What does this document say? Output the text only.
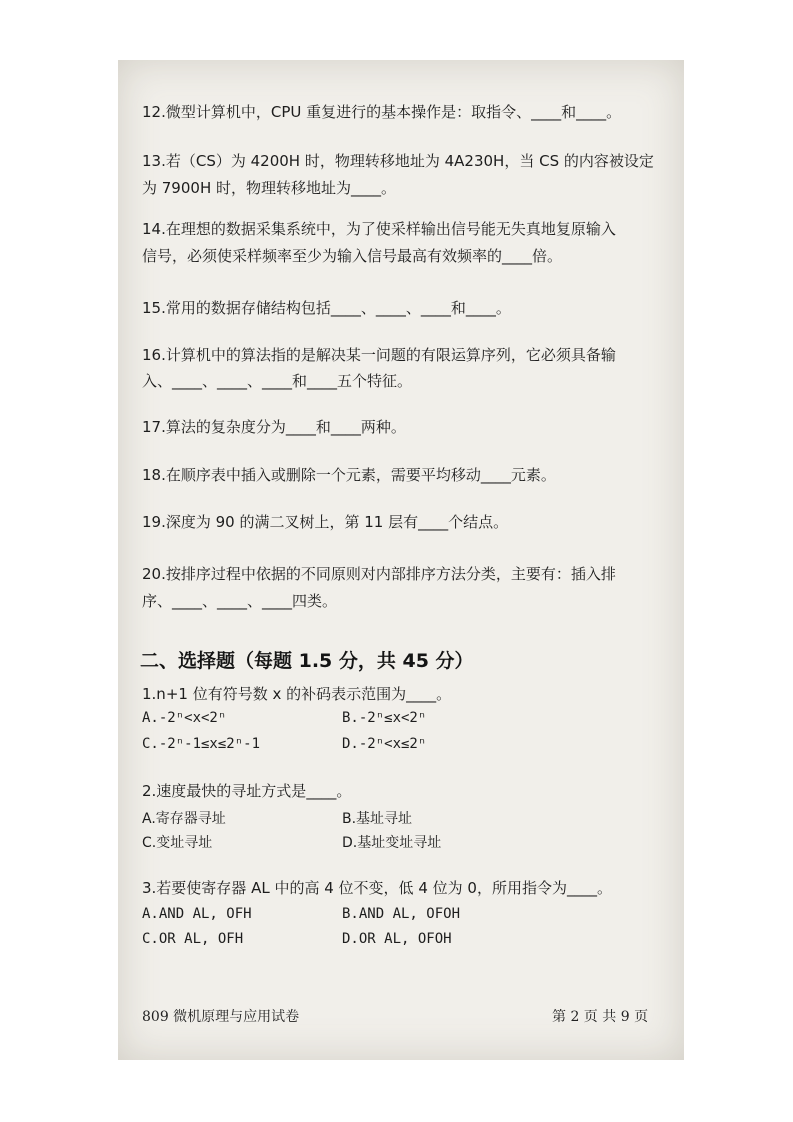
12.微型计算机中，CPU 重复进行的基本操作是：取指令、____和____。
13.若（CS）为 4200H 时，物理转移地址为 4A230H，当 CS 的内容被设定
为 7900H 时，物理转移地址为____。
14.在理想的数据采集系统中，为了使采样输出信号能无失真地复原输入
信号，必须使采样频率至少为输入信号最高有效频率的____倍。
15.常用的数据存储结构包括____、____、____和____。
16.计算机中的算法指的是解决某一问题的有限运算序列，它必须具备输
入、____、____、____和____五个特征。
17.算法的复杂度分为____和____两种。
18.在顺序表中插入或删除一个元素，需要平均移动____元素。
19.深度为 90 的满二叉树上，第 11 层有____个结点。
20.按排序过程中依据的不同原则对内部排序方法分类，主要有：插入排
序、____、____、____四类。
二、选择题（每题 1.5 分，共 45 分）
1.n+1 位有符号数 x 的补码表示范围为____。
A.-2ⁿ<x<2ⁿ	B.-2ⁿ≤x<2ⁿ
C.-2ⁿ-1≤x≤2ⁿ-1	D.-2ⁿ<x≤2ⁿ
2.速度最快的寻址方式是____。
A.寄存器寻址	B.基址寻址
C.变址寻址	D.基址变址寻址
3.若要使寄存器 AL 中的高 4 位不变，低 4 位为 0，所用指令为____。
A.AND AL, OFH	B.AND AL, OFOH
C.OR AL, OFH	D.OR AL, OFOH
809 微机原理与应用试卷	第 2 页 共 9 页
